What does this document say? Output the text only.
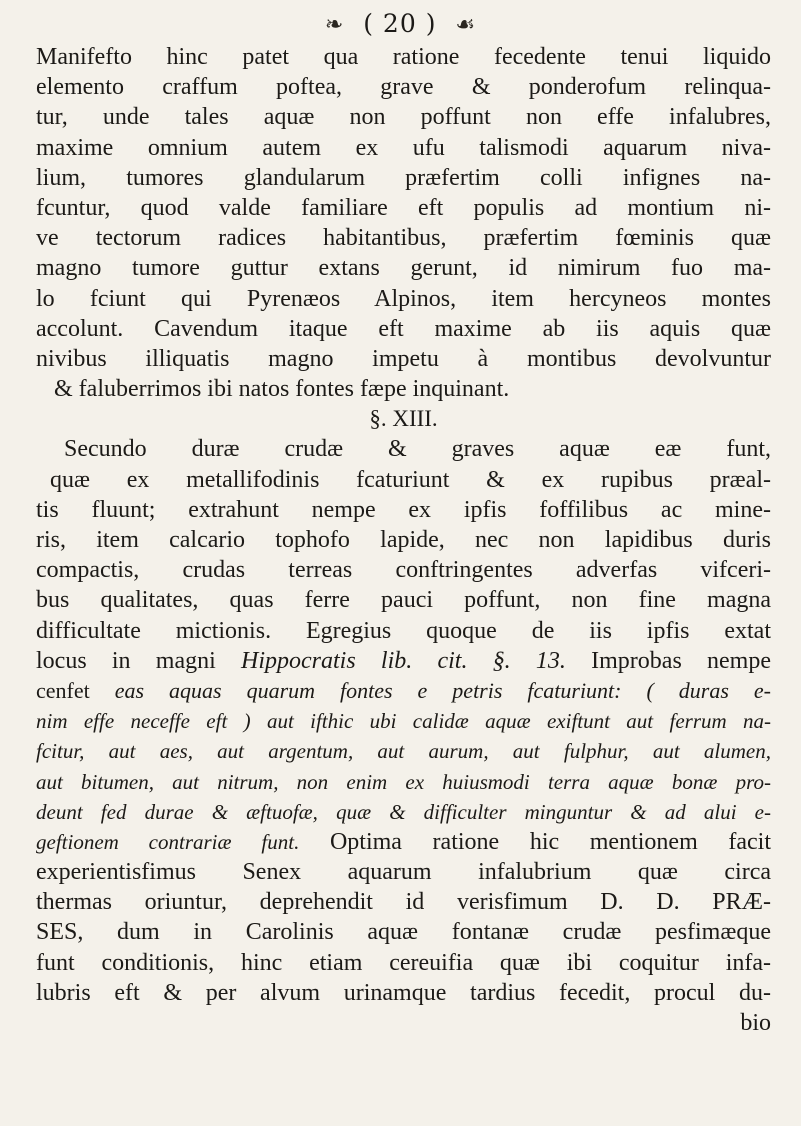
❧ ( 20 ) ☙
Manifefto hinc patet qua ratione fecedente tenui liquido
elemento craffum poftea, grave & ponderofum relinqua-
tur, unde tales aquæ non poffunt non effe infalubres,
maxime omnium autem ex ufu talismodi aquarum niva-
lium, tumores glandularum præfertim colli infignes na-
fcuntur, quod valde familiare eft populis ad montium ni-
ve tectorum radices habitantibus, præfertim fœminis quæ
magno tumore guttur extans gerunt, id nimirum fuo ma-
lo fciunt qui Pyrenæos Alpinos, item hercyneos montes
accolunt. Cavendum itaque eft maxime ab iis aquis quæ
nivibus illiquatis magno impetu à montibus devolvuntur
& faluberrimos ibi natos fontes fæpe inquinant.
§. XIII.
Secundo duræ crudæ & graves aquæ eæ funt,
quæ ex metallifodinis fcaturiunt & ex rupibus præal-
tis fluunt; extrahunt nempe ex ipfis foffilibus ac mine-
ris, item calcario tophofo lapide, nec non lapidibus duris
compactis, crudas terreas conftringentes adverfas vifceri-
bus qualitates, quas ferre pauci poffunt, non fine magna
difficultate mictionis. Egregius quoque de iis ipfis extat
locus in magni Hippocratis lib. cit. §. 13. Improbas nempe
cenfet eas aquas quarum fontes e petris fcaturiunt: ( duras e-
nim effe neceffe eft ) aut ifthic ubi calidæ aquæ exiftunt aut ferrum na-
fcitur, aut aes, aut argentum, aut aurum, aut fulphur, aut alumen,
aut bitumen, aut nitrum, non enim ex huiusmodi terra aquæ bonæ pro-
deunt fed durae & æftuofæ, quæ & difficulter minguntur & ad alui e-
geftionem contrariæ funt. Optima ratione hic mentionem facit
experientisfimus Senex aquarum infalubrium quæ circa
thermas oriuntur, deprehendit id verisfimum D. D. PRÆ-
SES, dum in Carolinis aquæ fontanæ crudæ pesfimæque
funt conditionis, hinc etiam cereuifia quæ ibi coquitur infa-
lubris eft & per alvum urinamque tardius fecedit, procul du-
bio
